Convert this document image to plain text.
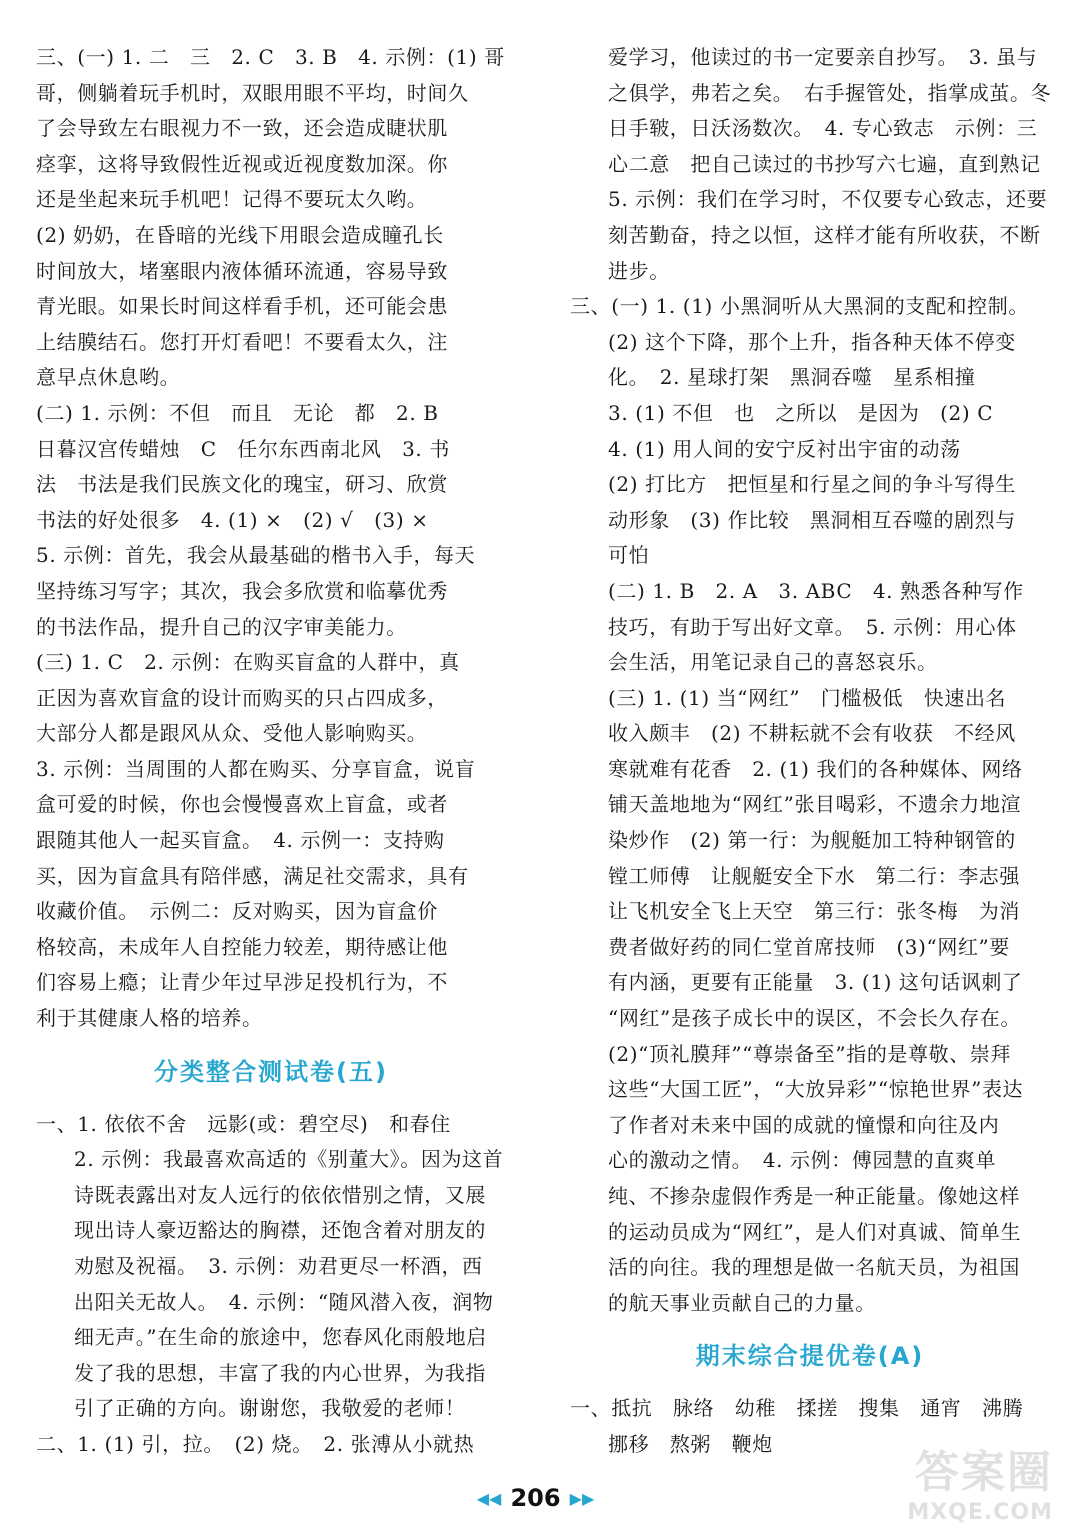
三、(一) 1. 二　三　2. C　3. B　4. 示例：(1) 哥
哥，侧躺着玩手机时，双眼用眼不平均，时间久
了会导致左右眼视力不一致，还会造成睫状肌
痉挛，这将导致假性近视或近视度数加深。你
还是坐起来玩手机吧！记得不要玩太久哟。
(2) 奶奶，在昏暗的光线下用眼会造成瞳孔长
时间放大，堵塞眼内液体循环流通，容易导致
青光眼。如果长时间这样看手机，还可能会患
上结膜结石。您打开灯看吧！不要看太久，注
意早点休息哟。
(二) 1. 示例：不但　而且　无论　都　2. B
日暮汉宫传蜡烛　C　任尔东西南北风　3. 书
法　书法是我们民族文化的瑰宝，研习、欣赏
书法的好处很多　4. (1) ×　(2) √　(3) ×
5. 示例：首先，我会从最基础的楷书入手，每天
坚持练习写字；其次，我会多欣赏和临摹优秀
的书法作品，提升自己的汉字审美能力。
(三) 1. C　2. 示例：在购买盲盒的人群中，真
正因为喜欢盲盒的设计而购买的只占四成多，
大部分人都是跟风从众、受他人影响购买。
3. 示例：当周围的人都在购买、分享盲盒，说盲
盒可爱的时候，你也会慢慢喜欢上盲盒，或者
跟随其他人一起买盲盒。　4. 示例一：支持购
买，因为盲盒具有陪伴感，满足社交需求，具有
收藏价值。　示例二：反对购买，因为盲盒价
格较高，未成年人自控能力较差，期待感让他
们容易上瘾；让青少年过早涉足投机行为，不
利于其健康人格的培养。
分类整合测试卷(五)
一、1. 依依不舍　远影(或：碧空尽)　和春住
2. 示例：我最喜欢高适的《别董大》。因为这首
诗既表露出对友人远行的依依惜别之情，又展
现出诗人豪迈豁达的胸襟，还饱含着对朋友的
劝慰及祝福。　3. 示例：劝君更尽一杯酒，西
出阳关无故人。　4. 示例：“随风潜入夜，润物
细无声。”在生命的旅途中，您春风化雨般地启
发了我的思想，丰富了我的内心世界，为我指
引了正确的方向。谢谢您，我敬爱的老师！
二、1. (1) 引，拉。　(2) 烧。　2. 张溥从小就热
爱学习，他读过的书一定要亲自抄写。　3. 虽与
之俱学，弗若之矣。　右手握管处，指掌成茧。冬
日手皲，日沃汤数次。　4. 专心致志　示例：三
心二意　把自己读过的书抄写六七遍，直到熟记
5. 示例：我们在学习时，不仅要专心致志，还要
刻苦勤奋，持之以恒，这样才能有所收获，不断
进步。
三、(一) 1. (1) 小黑洞听从大黑洞的支配和控制。
(2) 这个下降，那个上升，指各种天体不停变
化。　2. 星球打架　黑洞吞噬　星系相撞
3. (1) 不但　也　之所以　是因为　(2) C
4. (1) 用人间的安宁反衬出宇宙的动荡
(2) 打比方　把恒星和行星之间的争斗写得生
动形象　(3) 作比较　黑洞相互吞噬的剧烈与
可怕
(二) 1. B　2. A　3. ABC　4. 熟悉各种写作
技巧，有助于写出好文章。　5. 示例：用心体
会生活，用笔记录自己的喜怒哀乐。
(三) 1. (1) 当“网红”　门槛极低　快速出名
收入颇丰　(2) 不耕耘就不会有收获　不经风
寒就难有花香　2. (1) 我们的各种媒体、网络
铺天盖地地为“网红”张目喝彩，不遗余力地渲
染炒作　(2) 第一行：为舰艇加工特种钢管的
镗工师傅　让舰艇安全下水　第二行：李志强
让飞机安全飞上天空　第三行：张冬梅　为消
费者做好药的同仁堂首席技师　(3)“网红”要
有内涵，更要有正能量　3. (1) 这句话讽刺了
“网红”是孩子成长中的误区，不会长久存在。
(2)“顶礼膜拜”“尊崇备至”指的是尊敬、崇拜
这些“大国工匠”，“大放异彩”“惊艳世界”表达
了作者对未来中国的成就的憧憬和向往及内
心的激动之情。　4. 示例：傅园慧的直爽单
纯、不掺杂虚假作秀是一种正能量。像她这样
的运动员成为“网红”，是人们对真诚、简单生
活的向往。我的理想是做一名航天员，为祖国
的航天事业贡献自己的力量。
期末综合提优卷(A)
一、抵抗　脉络　幼稚　揉搓　搜集　通宵　沸腾
挪移　熬粥　鞭炮
◀◀ 206 ▶▶	答案圈
MXQE.COM
